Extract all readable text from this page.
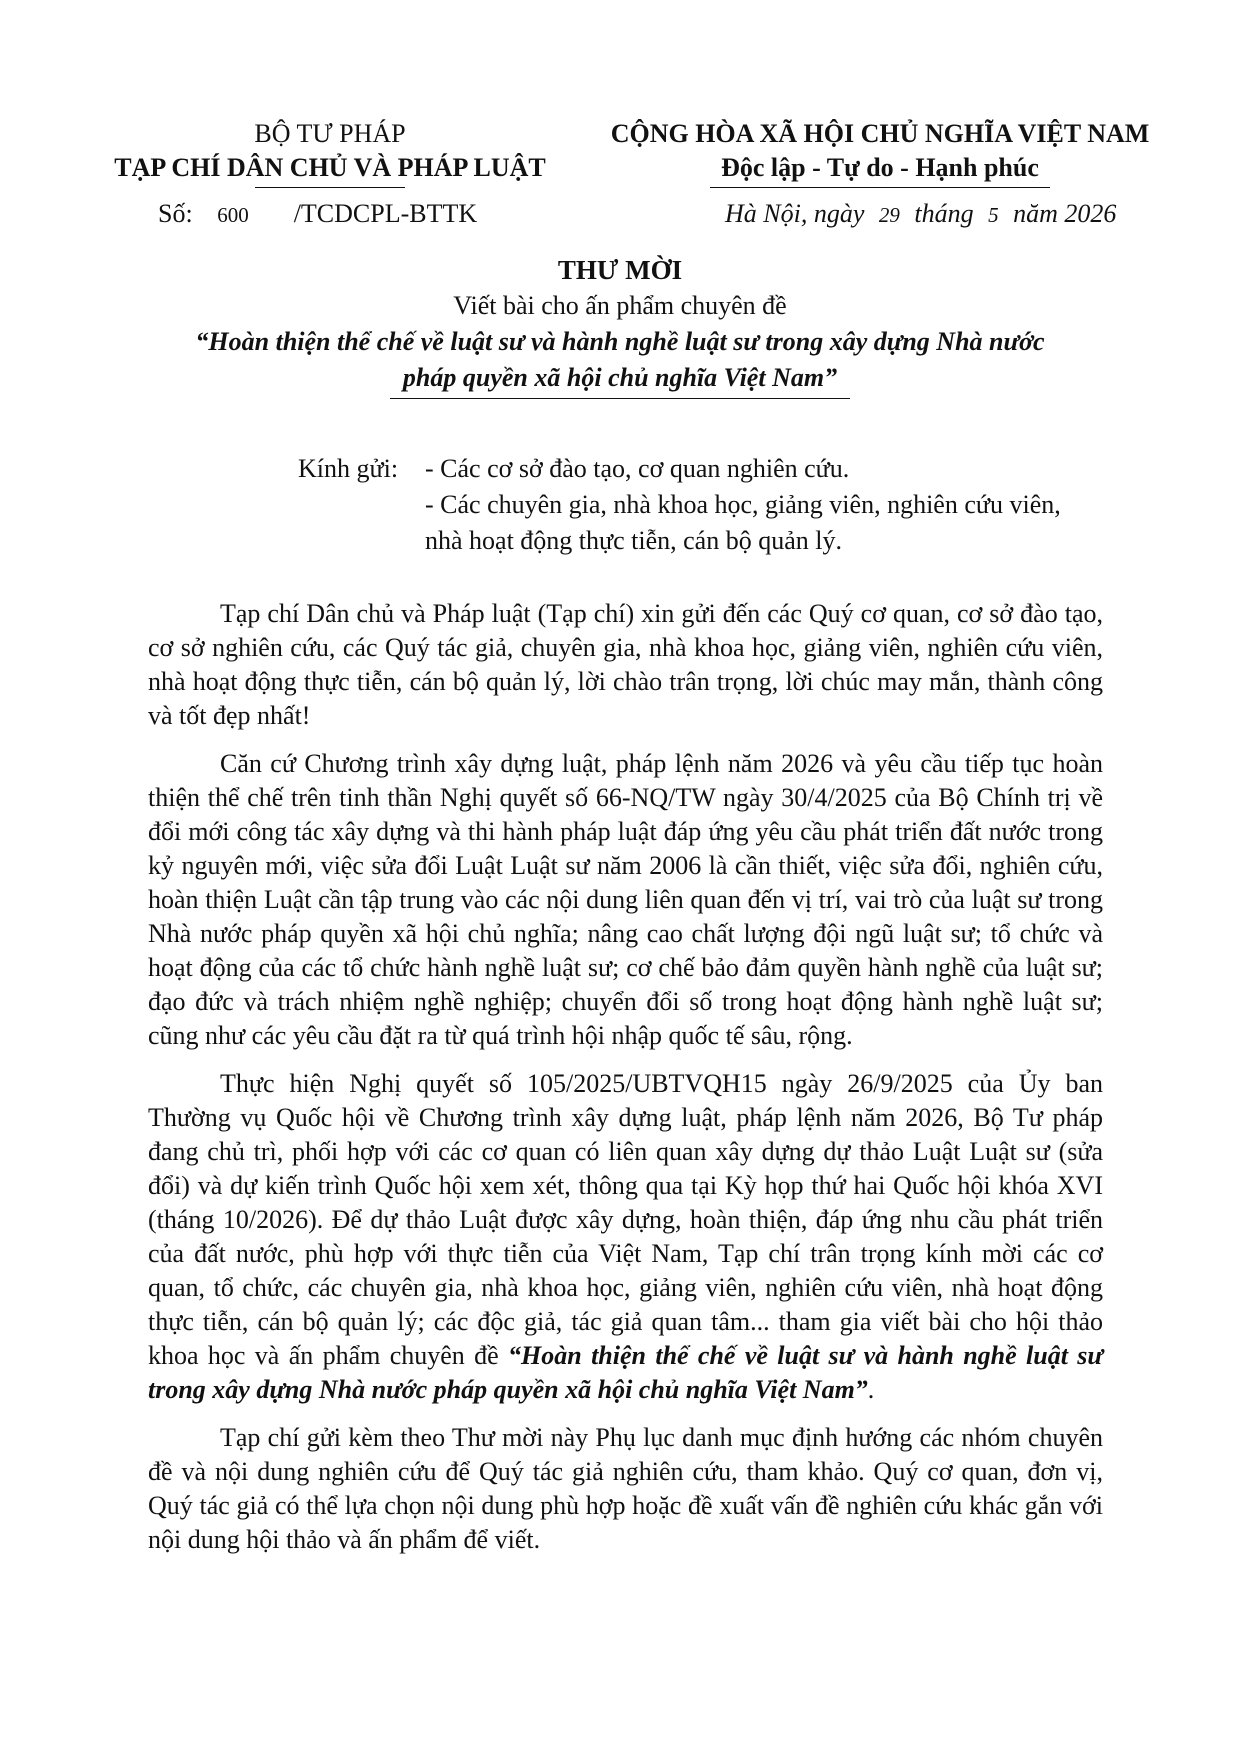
BỘ TƯ PHÁP
TẠP CHÍ DÂN CHỦ VÀ PHÁP LUẬT
CỘNG HÒA XÃ HỘI CHỦ NGHĨA VIỆT NAM
Độc lập - Tự do - Hạnh phúc
Số: 600 /TCDCPL-BTTK	Hà Nội, ngày 29 tháng 5 năm 2026
THƯ MỜI
Viết bài cho ấn phẩm chuyên đề
“Hoàn thiện thể chế về luật sư và hành nghề luật sư trong xây dựng Nhà nước
pháp quyền xã hội chủ nghĩa Việt Nam”
Kính gửi: - Các cơ sở đào tạo, cơ quan nghiên cứu.
- Các chuyên gia, nhà khoa học, giảng viên, nghiên cứu viên,
nhà hoạt động thực tiễn, cán bộ quản lý.

Tạp chí Dân chủ và Pháp luật (Tạp chí) xin gửi đến các Quý cơ quan, cơ sở đào tạo, cơ sở nghiên cứu, các Quý tác giả, chuyên gia, nhà khoa học, giảng viên, nghiên cứu viên, nhà hoạt động thực tiễn, cán bộ quản lý, lời chào trân trọng, lời chúc may mắn, thành công và tốt đẹp nhất!

Căn cứ Chương trình xây dựng luật, pháp lệnh năm 2026 và yêu cầu tiếp tục hoàn thiện thể chế trên tinh thần Nghị quyết số 66-NQ/TW ngày 30/4/2025 của Bộ Chính trị về đổi mới công tác xây dựng và thi hành pháp luật đáp ứng yêu cầu phát triển đất nước trong kỷ nguyên mới, việc sửa đổi Luật Luật sư năm 2006 là cần thiết, việc sửa đổi, nghiên cứu, hoàn thiện Luật cần tập trung vào các nội dung liên quan đến vị trí, vai trò của luật sư trong Nhà nước pháp quyền xã hội chủ nghĩa; nâng cao chất lượng đội ngũ luật sư; tổ chức và hoạt động của các tổ chức hành nghề luật sư; cơ chế bảo đảm quyền hành nghề của luật sư; đạo đức và trách nhiệm nghề nghiệp; chuyển đổi số trong hoạt động hành nghề luật sư; cũng như các yêu cầu đặt ra từ quá trình hội nhập quốc tế sâu, rộng.

Thực hiện Nghị quyết số 105/2025/UBTVQH15 ngày 26/9/2025 của Ủy ban Thường vụ Quốc hội về Chương trình xây dựng luật, pháp lệnh năm 2026, Bộ Tư pháp đang chủ trì, phối hợp với các cơ quan có liên quan xây dựng dự thảo Luật Luật sư (sửa đổi) và dự kiến trình Quốc hội xem xét, thông qua tại Kỳ họp thứ hai Quốc hội khóa XVI (tháng 10/2026). Để dự thảo Luật được xây dựng, hoàn thiện, đáp ứng nhu cầu phát triển của đất nước, phù hợp với thực tiễn của Việt Nam, Tạp chí trân trọng kính mời các cơ quan, tổ chức, các chuyên gia, nhà khoa học, giảng viên, nghiên cứu viên, nhà hoạt động thực tiễn, cán bộ quản lý; các độc giả, tác giả quan tâm... tham gia viết bài cho hội thảo khoa học và ấn phẩm chuyên đề “Hoàn thiện thể chế về luật sư và hành nghề luật sư trong xây dựng Nhà nước pháp quyền xã hội chủ nghĩa Việt Nam”.

Tạp chí gửi kèm theo Thư mời này Phụ lục danh mục định hướng các nhóm chuyên đề và nội dung nghiên cứu để Quý tác giả nghiên cứu, tham khảo. Quý cơ quan, đơn vị, Quý tác giả có thể lựa chọn nội dung phù hợp hoặc đề xuất vấn đề nghiên cứu khác gắn với nội dung hội thảo và ấn phẩm để viết.
